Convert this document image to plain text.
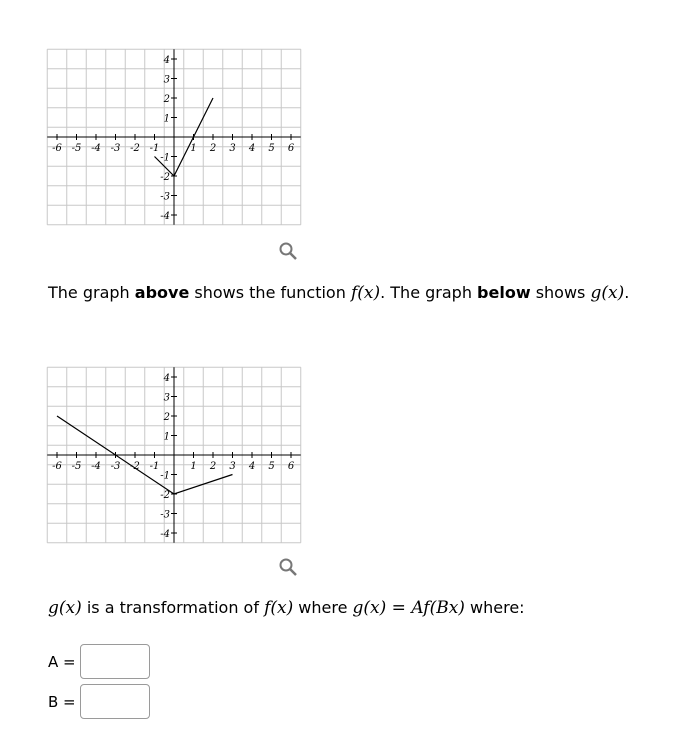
-6 -5 -4 -3 -2 -1	1 2 3 4 5 6
4
3
2
1
-1
-2
-3
-4
The graph above shows the function f(x). The graph below shows g(x).
-6 -5 -4 -3 -2 -1	1 2 3 4 5 6
4
3
2
1
-1
-2
-3
-4
g(x) is a transformation of f(x) where g(x) = Af(Bx) where:
A =
B =
